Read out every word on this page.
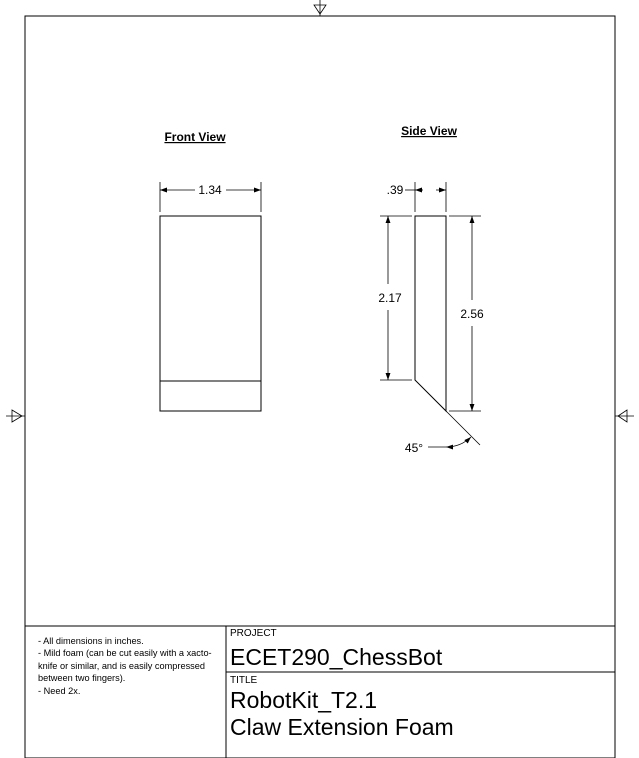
Front View	Side View
1.34	.39
2.17
2.56
45°
- All dimensions in inches.
- Mild foam (can be cut easily with a xacto-knife or similar, and is easily compressed between two fingers).
- Need 2x.
PROJECT
ECET290_ChessBot
TITLE
RobotKit_T2.1
Claw Extension Foam
